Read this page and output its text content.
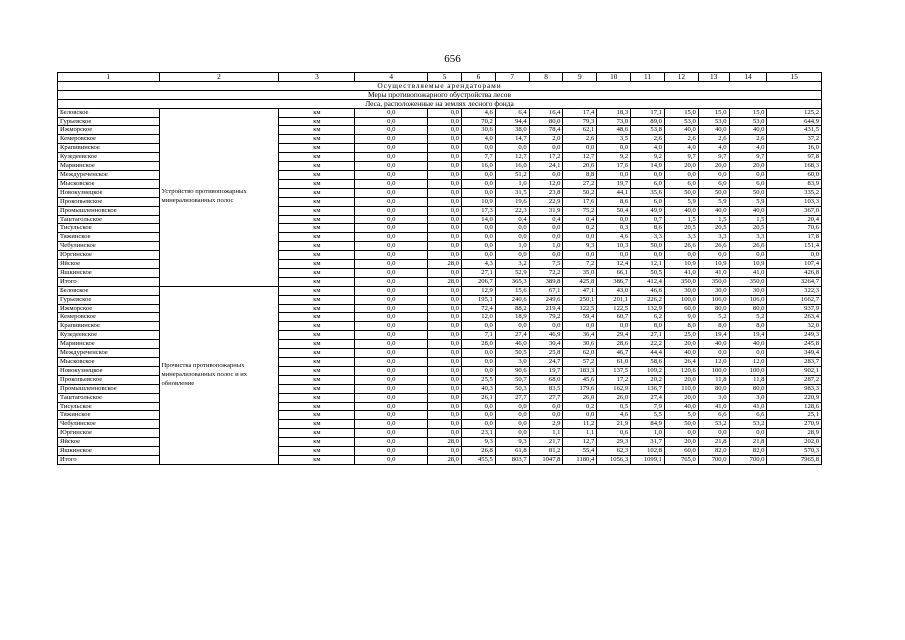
656
1	2	3	4	5	6	7	8	9	10	11	12	13	14	15
Осуществляемые арендаторами														
Меры противопожарного обустройства лесов														
Леса, расположенные на землях лесного фонда														
Беловское	Устройство противопожарных минерализованных полос	км	0,0	0,0	4,6	6,4	16,4	17,4	18,3	17,1	15,0	15,0	15,0	125,2
Гурьевское		км	0,0	0,0	70,2	94,4	80,0	79,3	73,0	89,0	53,0	53,0	53,0	644,9
Ижморское		км	0,0	0,0	30,6	38,0	78,4	62,1	48,6	53,8	40,0	40,0	40,0	431,5
Кемеровское		км	0,0	0,0	4,0	14,7	2,0	2,6	3,5	2,6	2,6	2,6	2,6	37,2
Крапивинское		км	0,0	0,0	0,0	0,0	0,0	0,0	0,0	4,0	4,0	4,0	4,0	16,0
Кузедеевское		км	0,0	0,0	7,7	12,7	17,2	12,7	9,2	9,2	9,7	9,7	9,7	97,8
Мариинское		км	0,0	0,0	16,0	16,0	24,1	20,6	17,6	14,0	20,0	20,0	20,0	168,3
Междуреченское		км	0,0	0,0	0,0	51,2	0,0	8,8	0,0	0,0	0,0	0,0	0,0	60,0
Мысковское		км	0,0	0,0	0,0	1,0	12,0	27,2	19,7	6,0	6,0	6,0	6,0	83,9
Новокузнецкое		км	0,0	0,0	0,0	31,5	23,8	50,2	44,1	35,6	50,0	50,0	50,0	335,2
Прокопьевское		км	0,0	0,0	10,9	19,6	22,9	17,6	8,6	6,0	5,9	5,9	5,9	103,3
Промышленновское		км	0,0	0,0	17,3	22,3	31,9	75,2	50,4	49,9	40,0	40,0	40,0	367,0
Таштагольское		км	0,0	0,0	14,0	0,4	0,4	0,4	0,0	0,7	1,5	1,5	1,5	20,4
Тисульское		км	0,0	0,0	0,0	0,0	0,0	0,2	0,3	8,6	20,5	20,5	20,5	70,6
Тяжинское		км	0,0	0,0	0,0	0,0	0,0	0,0	4,6	3,3	3,3	3,3	3,3	17,8
Чебулинское		км	0,0	0,0	0,0	1,0	1,0	9,3	10,3	50,0	26,6	26,6	26,6	151,4
Юргинское		км	0,0	0,0	0,0	0,0	0,0	0,0	0,0	0,0	0,0	0,0	0,0	0,0
Яйское		км	0,0	28,0	4,3	3,2	7,5	7,2	12,4	12,1	10,9	10,9	10,9	107,4
Яшкинское		км	0,0	0,0	27,1	52,9	72,2	35,0	66,1	50,5	41,0	41,0	41,0	426,8
Итого		км	0,0	28,0	206,7	365,3	389,8	425,8	386,7	412,4	350,0	350,0	350,0	3264,7
Беловское	Прочистка противопожарных минерализованных полос и их обновление	км	0,0	0,0	12,9	15,6	67,1	47,1	43,0	46,6	30,0	30,0	30,0	322,3
Гурьевское		км	0,0	0,0	195,1	240,6	249,6	250,1	201,1	226,2	100,0	106,0	106,0	1662,7
Ижморское		км	0,0	0,0	72,4	88,2	219,4	122,5	122,5	132,9	60,0	80,0	80,0	937,9
Кемеровское		км	0,0	0,0	12,0	18,9	79,2	59,4	60,7	6,2	9,0	5,2	5,2	263,4
Крапивинское		км	0,0	0,0	0,0	0,0	0,0	0,0	0,0	8,0	8,0	8,0	8,0	32,0
Кузедеевское		км	0,0	0,0	7,1	27,4	46,9	36,4	29,4	27,1	25,0	19,4	19,4	249,3
Мариинское		км	0,0	0,0	28,0	46,0	30,4	30,6	28,6	22,2	20,0	40,0	40,0	245,8
Междуреченское		км	0,0	0,0	0,0	50,5	25,8	62,0	46,7	44,4	40,0	0,0	0,0	349,4
Мысковское		км	0,0	0,0	0,0	3,0	24,7	57,2	61,0	58,6	26,4	12,0	12,0	283,7
Новокузнецкое		км	0,0	0,0	0,0	90,6	19,7	183,3	137,5	109,2	120,6	100,0	100,0	902,1
Прокопьевское		км	0,0	0,0	25,5	50,7	68,0	45,6	17,2	20,2	20,0	11,8	11,8	287,2
Промышленновское		км	0,0	0,0	40,3	50,3	83,5	179,6	162,9	136,7	110,0	80,0	80,0	983,3
Таштагольское		км	0,0	0,0	26,1	27,7	27,7	26,0	26,0	27,4	20,0	3,0	3,0	220,9
Тисульское		км	0,0	0,0	0,0	0,0	0,0	0,2	0,5	7,9	40,0	41,0	41,0	128,6
Тяжинское		км	0,0	0,0	0,0	0,0	0,0	0,0	4,6	5,5	5,0	6,6	6,6	25,1
Чебулинское		км	0,0	0,0	0,0	0,0	2,9	11,2	21,9	84,9	50,0	53,2	53,2	270,9
Юргинское		км	0,0	0,0	23,1	0,0	1,1	1,1	0,6	1,0	0,0	0,0	0,0	28,9
Яйское		км	0,0	28,0	9,3	9,3	21,7	12,7	29,3	31,7	20,0	21,8	21,8	202,0
Яшкинское		км	0,0	0,0	26,8	61,8	81,2	55,4	62,3	102,8	60,0	82,0	82,0	570,3
Итого		км	0,0	28,0	455,5	803,7	1047,8	1180,4	1056,3	1099,1	765,0	700,0	700,0	7965,8
